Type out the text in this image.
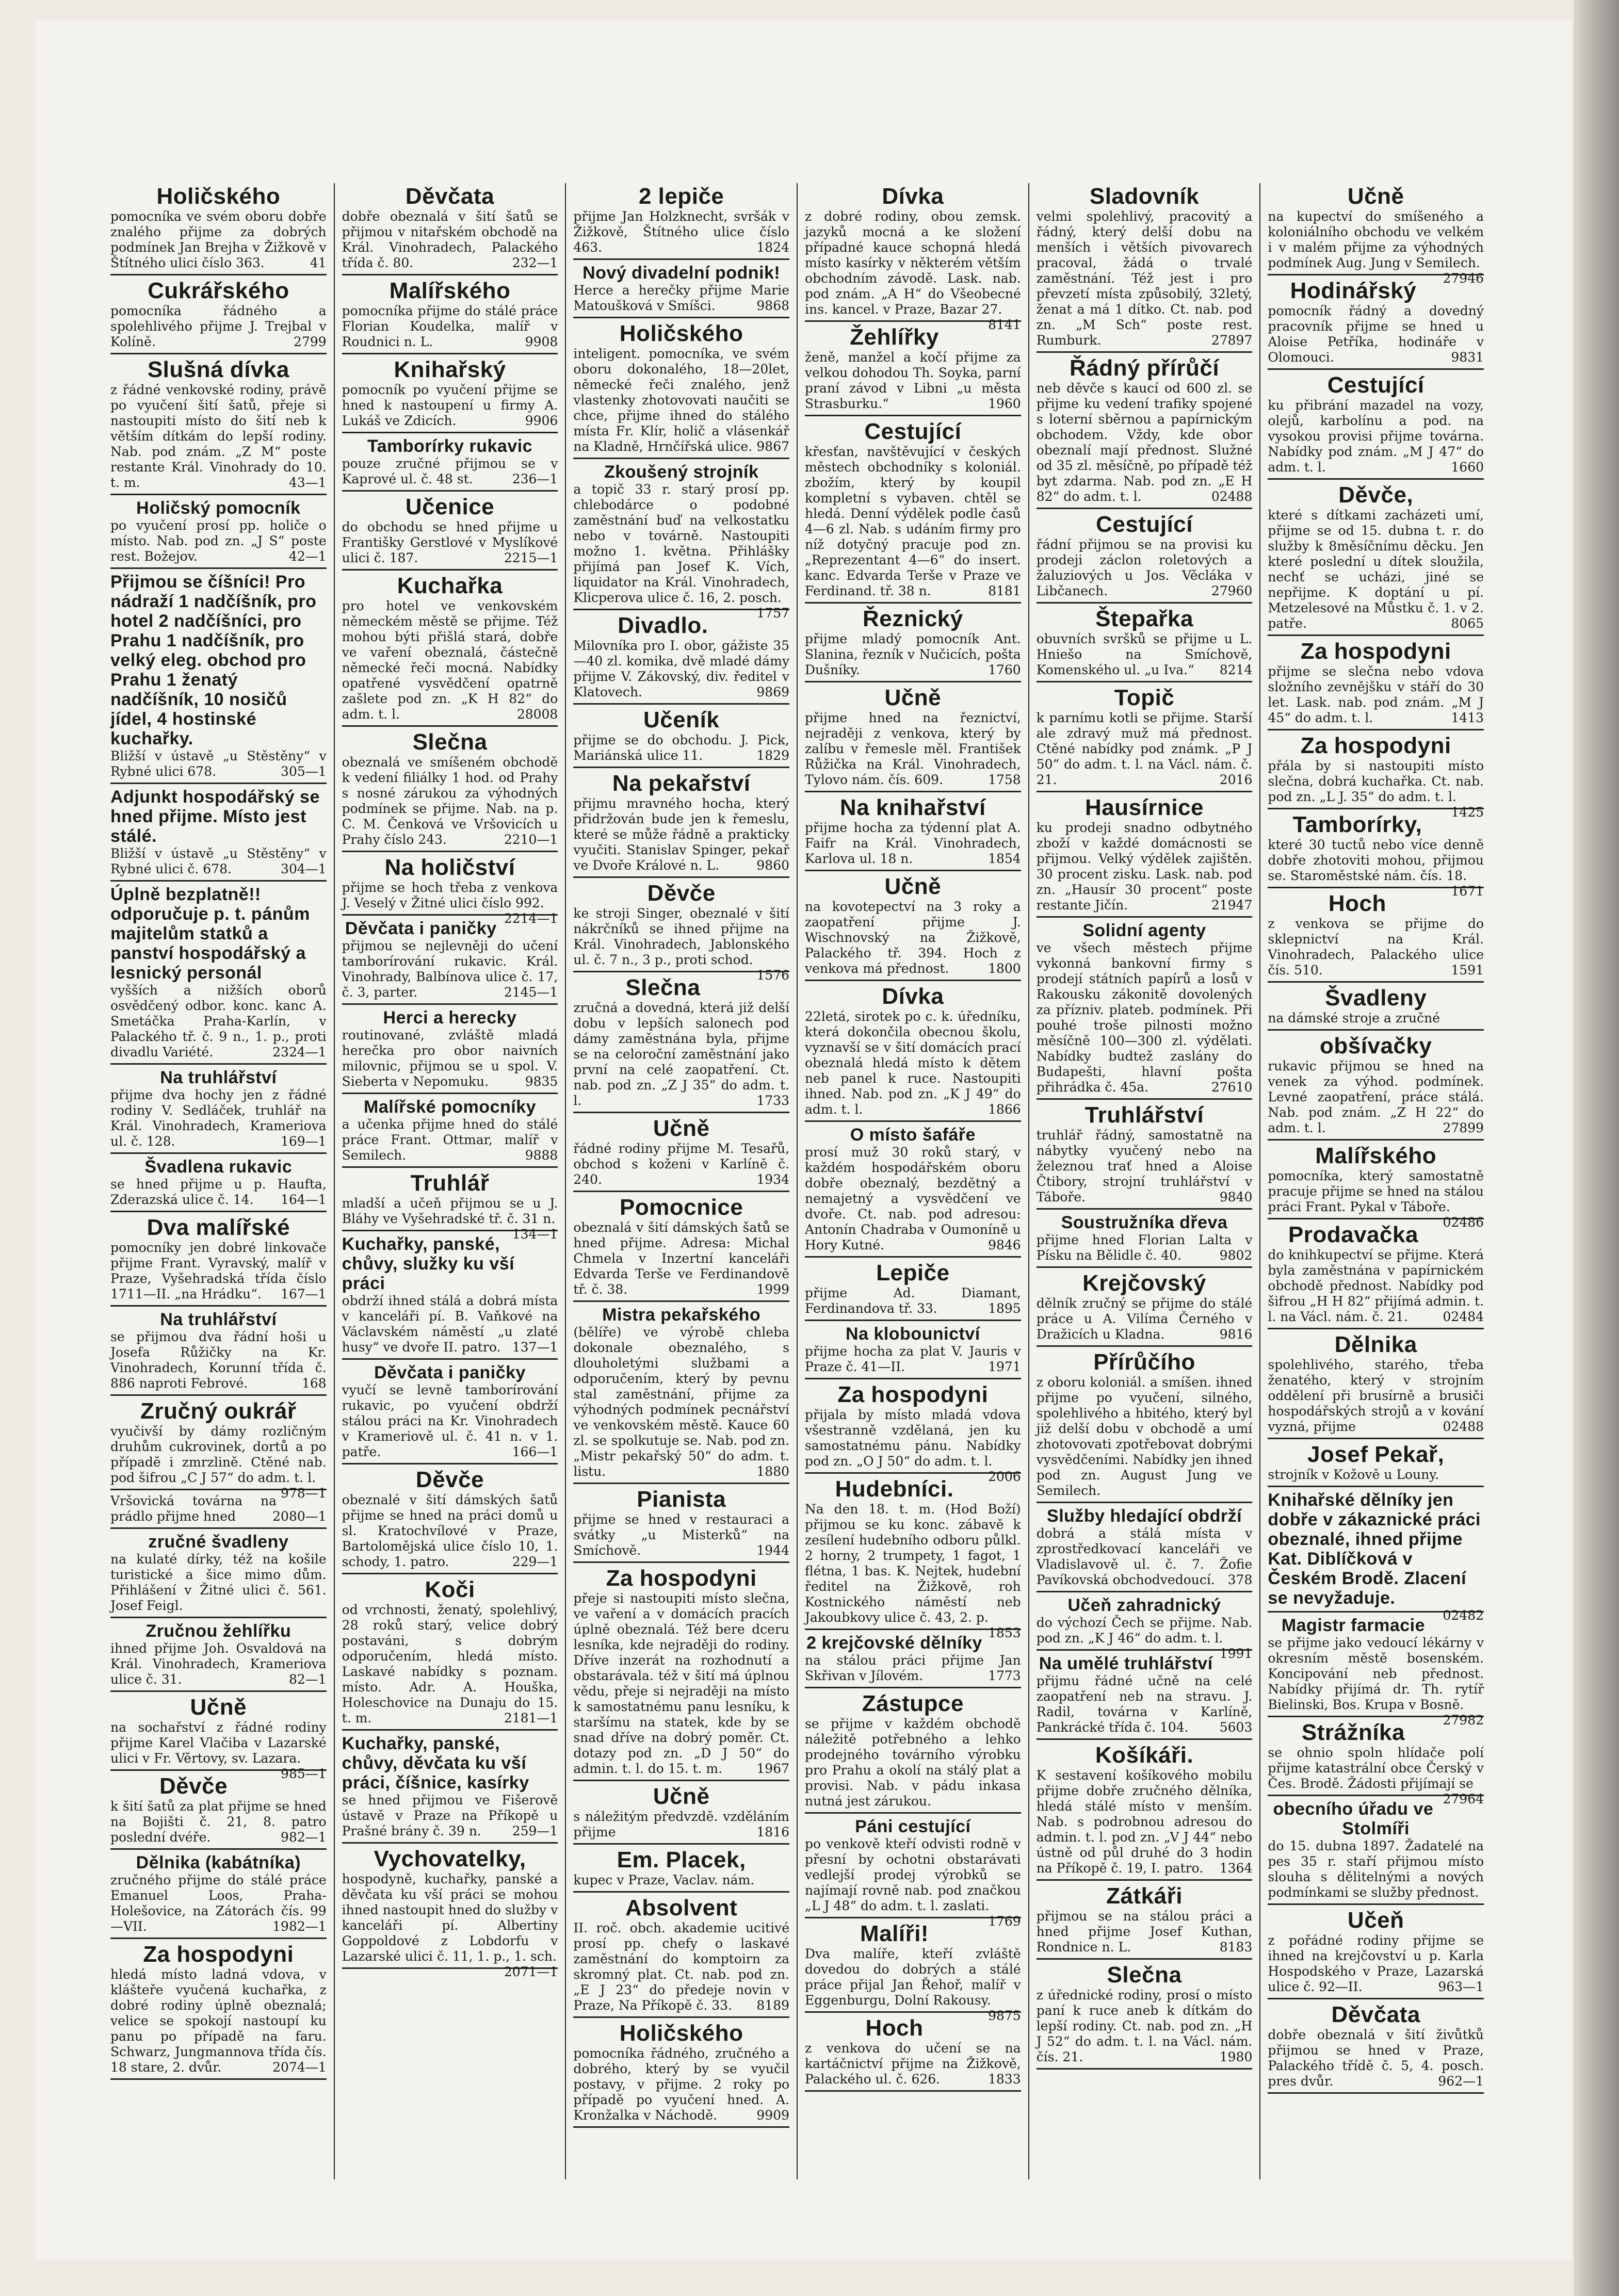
Holičského
pomocníka ve svém oboru dobře znalého přijme za dobrých podmínek Jan Brejha v Žižkově v Štítného ulici číslo 363.	41
Cukrářského
pomocníka řádného a spolehlivého přijme J. Trejbal v Kolíně.	2799
Slušná dívka
z řádné venkovské rodiny, právě po vyučení šití šatů, přeje si nastoupiti místo do šití neb k větším dítkám do lepší rodiny. Nab. pod znám. „Z M“ poste restante Král. Vinohrady do 10. t. m.	43—1
Holičský pomocník
po vyučení prosí pp. holiče o místo. Nab. pod zn. „J S“ poste rest. Božejov.	42—1
Přijmou se číšníci! Pro nádraží 1 nadčíšník, pro hotel 2 nadčíšníci, pro Prahu 1 nadčíšník, pro velký eleg. obchod pro Prahu 1 ženatý nadčíšník, 10 nosičů jídel, 4 hostinské kuchařky.
Bližší v ústavě „u Stěstěny“ v Rybné ulici 678.	305—1
Adjunkt hospodářský se hned přijme. Místo jest stálé.
Bližší v ústavě „u Stěstěny“ v Rybné ulici č. 678.	304—1
Úplně bezplatně!! odporučuje p. t. pánům majitelům statků a panství hospodářský a lesnický personál
vyšších a nižších oborů osvědčený odbor. konc. kanc A. Smetáčka Praha-Karlín, v Palackého tř. č. 9 n., 1. p., proti divadlu Variété.	2324—1
Na truhlářství
přijme dva hochy jen z řádné rodiny V. Sedláček, truhlář na Král. Vinohradech, Krameriova ul. č. 128.	169—1
Švadlena rukavic
se hned přijme u p. Haufta, Zderazská ulice č. 14.	164—1
Dva malířské
pomocníky jen dobré linkovače přijme Frant. Vyravský, malíř v Praze, Vyšehradská třída číslo 1711—II. „na Hrádku“.	167—1
Na truhlářství
se přijmou dva řádní hoši u Josefa Růžičky na Kr. Vinohradech, Korunní třída č. 886 naproti Febrové.	168
Zručný oukrář
vyučivší by dámy rozličným druhům cukrovinek, dortů a po případě i zmrzlině. Ctěné nab. pod šifrou „C J 57“ do adm. t. l.
978—1
Vršovická továrna na prádlo přijme hned	2080—1
zručné švadleny
na kulaté dírky, též na košile turistické a šice mimo dům. Přihlášení v Žitné ulici č. 561. Josef Feigl.
Zručnou žehlířku
ihned přijme Joh. Osvaldová na Král. Vinohradech, Krameriova ulice č. 31.	82—1
Učně
na sochařství z řádné rodiny přijme Karel Vlačiba v Lazarské ulici v Fr. Věrtovy, sv. Lazara.
985—1
Děvče
k šití šatů za plat přijme se hned na Bojišti č. 21, 8. patro poslední dvéře.	982—1
Dělnika (kabátníka)
zručného přijme do stálé práce Emanuel Loos, Praha-Holešovice, na Zátorách čís. 99—VII.	1982—1
Za hospodyni
hledá místo ladná vdova, v klášteře vyučená kuchařka, z dobré rodiny úplně obeznalá; velice se spokojí nastoupí ku panu po případě na faru. Schwarz, Jungmannova třída čís. 18 stare, 2. dvůr.	2074—1
Děvčata
dobře obeznalá v šití šatů se přijmou v nitařském obchodě na Král. Vinohradech, Palackého třída č. 80.	232—1
Malířského
pomocníka přijme do stálé práce Florian Koudelka, malíř v Roudnici n. L.	9908
Knihařský
pomocník po vyučení přijme se hned k nastoupení u firmy A. Lukáš ve Zdicích.	9906
Tamborírky rukavic
pouze zručné přijmou se v Kaprové ul. č. 48 st.	236—1
Učenice
do obchodu se hned přijme u Františky Gerstlové v Myslíkové ulici č. 187.	2215—1
Kuchařka
pro hotel ve venkovském německém městě se přijme. Též mohou býti přišlá stará, dobře ve vaření obeznalá, částečně německé řeči mocná. Nabídky opatřené vysvědčení opatrně zašlete pod zn. „K H 82“ do adm. t. l.	28008
Slečna
obeznalá ve smíšeném obchodě k vedení filiálky 1 hod. od Prahy s nosné zárukou za výhodných podmínek se přijme. Nab. na p. C. M. Čenková ve Vršovicích u Prahy číslo 243.	2210—1
Na holičství
přijme se hoch třeba z venkova J. Veselý v Žitné ulici číslo 992.
2214—1
Děvčata i paničky
přijmou se nejlevněji do učení tamborírování rukavic. Král. Vinohrady, Balbínova ulice č. 17, č. 3, parter.	2145—1
Herci a herecky
routinované, zvláště mladá herečka pro obor naivních milovnic, přijmou se u spol. V. Sieberta v Nepomuku.	9835
Malířské pomocníky
a učenka přijme hned do stálé práce Frant. Ottmar, malíř v Semilech.	9888
Truhlář
mladší a učeň přijmou se u J. Bláhy ve Vyšehradské tř. č. 31 n.
134—1
Kuchařky, panské, chůvy, služky ku vší práci
obdrží ihned stálá a dobrá místa v kanceláři pí. B. Vaňkové na Václavském náměstí „u zlaté husy“ ve dvoře II. patro. 137—1
Děvčata i paničky
vyučí se levně tamborírování rukavic, po vyučení obdrží stálou práci na Kr. Vinohradech v Krameriově ul. č. 41 n. v 1. patře.	166—1
Děvče
obeznalé v šití dámských šatů přijme se hned na práci domů u sl. Kratochvílové v Praze, Bartolomějská ulice číslo 10, 1. schody, 1. patro.	229—1
Koči
od vrchnosti, ženatý, spolehlivý, 28 roků starý, velice dobrý postaváni, s dobrým odporučením, hledá místo. Laskavé nabídky s poznam. místo. Adr. A. Houška, Holeschovice na Dunaju do 15. t. m.	2181—1
Kuchařky, panské, chůvy, děvčata ku vší práci, číšnice, kasírky
se hned přijmou ve Fišerově ústavě v Praze na Příkopě u Prašné brány č. 39 n.	259—1
Vychovatelky,
hospodyně, kuchařky, panské a děvčata ku vší práci se mohou ihned nastoupit hned do služby v kanceláři pí. Albertiny Goppoldové z Lobdorfu v Lazarské ulici č. 11, 1. p., 1. sch.
2071—1
2 lepiče
přijme Jan Holzknecht, svršák v Žižkově, Štítného ulice číslo 463.	1824
Nový divadelní podnik!
Herce a herečky přijme Marie Matoušková v Smíšci.	9868
Holičského
inteligent. pomocníka, ve svém oboru dokonalého, 18—20let, německé řeči znalého, jenž vlastenky zhotovovati naučiti se chce, přijme ihned do stálého místa Fr. Klír, holič a vlásenkář na Kladně, Hrnčířská ulice. 9867
Zkoušený strojník
a topič 33 r. starý prosí pp. chlebodárce o podobné zaměstnání buď na velkostatku nebo v továrně. Nastoupiti možno 1. května. Přihlášky přijímá pan Josef K. Vích, liquidator na Král. Vinohradech, Klicperova ulice č. 16, 2. posch.
1757
Divadlo.
Milovníka pro I. obor, gážiste 35—40 zl. komika, dvě mladé dámy přijme V. Zákovský, div. ředitel v Klatovech.	9869
Učeník
přijme se do obchodu. J. Pick, Mariánská ulice 11.	1829
Na pekařství
přijmu mravného hocha, který přidržován bude jen k řemeslu, které se může řádně a prakticky vyučiti. Stanislav Spinger, pekař ve Dvoře Králové n. L.	9860
Děvče
ke stroji Singer, obeznalé v šití nákrčníků se ihned přijme na Král. Vinohradech, Jablonského ul. č. 7 n., 3 p., proti schod.
1576
Slečna
zručná a dovedná, která již delší dobu v lepších salonech pod dámy zaměstnána byla, přijme se na celoroční zaměstnání jako první na celé zaopatření. Ct. nab. pod zn. „Z J 35“ do adm. t. l.	1733
Učně
řádné rodiny přijme M. Tesařů, obchod s koženi v Karlíně č. 240.	1934
Pomocnice
obeznalá v šití dámských šatů se hned přijme. Adresa: Michal Chmela v Inzertní kanceláři Edvarda Terše ve Ferdinandově tř. č. 38.	1999
Mistra pekařského
(bělíře) ve výrobě chleba dokonale obeznalého, s dlouholetými službami a odporučením, který by pevnu stal zaměstnání, přijme za výhodných podmínek pecnářství ve venkovském městě. Kauce 60 zl. se spolkutuje se. Nab. pod zn. „Mistr pekařský 50“ do adm. t. listu.	1880
Pianista
přijme se hned v restauraci a svátky „u Misterků“ na Smíchově.	1944
Za hospodyni
přeje si nastoupiti místo slečna, ve vaření a v domácích pracích úplně obeznalá. Též bere dceru lesníka, kde nejraději do rodiny. Dříve inzerát na rozhodnutí a obstarávala. též v šití má úplnou vědu, přeje si nejraději na místo k samostatnému panu lesníku, k staršímu na statek, kde by se snad dříve na dobrý poměr. Ct. dotazy pod zn. „D J 50“ do admin. t. l. do 15. t. m.	1967
Učně
s náležitým předvzdě. vzděláním přijme	1816
Em. Placek,
kupec v Praze, Vaclav. nám.
Absolvent
II. roč. obch. akademie ucitivé prosí pp. chefy o laskavé zaměstnání do komptoirn za skromný plat. Ct. nab. pod zn. „E J 23“ do předeje novin v Praze, Na Příkopě č. 33.	8189
Holičského
pomocníka řádného, zručného a dobrého, který by se vyučil postavy, v přijme. 2 roky po případě po vyučení hned. A. Kronžalka v Náchodě.	9909
Dívka
z dobré rodiny, obou zemsk. jazyků mocná a ke složení případné kauce schopná hledá místo kasírky v některém větším obchodním závodě. Lask. nab. pod znám. „A H“ do Všeobecné ins. kancel. v Praze, Bazar 27.
8141
Žehlířky
ženě, manžel a kočí přijme za velkou dohodou Th. Soyka, parní praní závod v Libni „u města Strasburku.“	1960
Cestující
křesťan, navštěvující v českých městech obchodníky s koloniál. zbožím, který by koupil kompletní s vybaven. chtěl se hledá. Denní výdělek podle časů 4—6 zl. Nab. s udáním firmy pro níž dotyčný pracuje pod zn. „Reprezentant 4—6“ do insert. kanc. Edvarda Terše v Praze ve Ferdinand. tř. 38 n.	8181
Řeznický
přijme mladý pomocník Ant. Slanina, řezník v Nučicích, pošta Dušníky.	1760
Učně
přijme hned na řeznictví, nejraději z venkova, který by zalíbu v řemesle měl. František Růžička na Král. Vinohradech, Tylovo nám. čís. 609.	1758
Na knihařství
přijme hocha za týdenní plat A. Faifr na Král. Vinohradech, Karlova ul. 18 n.	1854
Učně
na kovotepectví na 3 roky a zaopatření přijme J. Wischnovský na Žižkově, Palackého tř. 394. Hoch z venkova má přednost.	1800
Dívka
22letá, sirotek po c. k. úředníku, která dokončila obecnou školu, vyznavší se v šití domácích prací obeznalá hledá místo k dětem neb panel k ruce. Nastoupiti ihned. Nab. pod zn. „K J 49“ do adm. t. l.	1866
O místo šafáře
prosí muž 30 roků starý, v každém hospodářském oboru dobře obeznalý, bezdětný a nemajetný a vysvědčení ve dvoře. Ct. nab. pod adresou: Antonín Chadraba v Oumoníně u Hory Kutné.	9846
Lepiče
přijme Ad. Diamant, Ferdinandova tř. 33.	1895
Na klobounictví
přijme hocha za plat V. Jauris v Praze č. 41—II.	1971
Za hospodyni
přijala by místo mladá vdova všestranně vzdělaná, jen ku samostatnému pánu. Nabídky pod zn. „O J 50“ do adm. t. l.
2006
Hudebníci.
Na den 18. t. m. (Hod Boží) přijmou se ku konc. zábavě k zesílení hudebního odboru půlkl. 2 horny, 2 trumpety, 1 fagot, 1 flétna, 1 bas. K. Nejtek, hudební ředitel na Žižkově, roh Kostnického náměstí neb Jakoubkovy ulice č. 43, 2. p.
1853
2 krejčovské dělníky
na stálou práci přijme Jan Skřivan v Jílovém.	1773
Zástupce
se přijme v každém obchodě náležitě potřebného a lehko prodejného továrního výrobku pro Prahu a okolí na stálý plat a provisi. Nab. v pádu inkasa nutná jest zárukou.
Páni cestující
po venkově kteří odvisti rodně v přesní by ochotni obstarávati vedlejší prodej výrobků se najímají rovně nab. pod značkou „L J 48“ do adm. t. l. zaslati.
1769
Malíři!
Dva malíře, kteří zvláště dovedou do dobrých a stálé práce přijal Jan Řehoř, malíř v Eggenburgu, Dolní Rakousy.
9875
Hoch
z venkova do učení se na kartáčnictví přijme na Žižkově, Palackého ul. č. 626.	1833
Sladovník
velmi spolehlivý, pracovitý a řádný, který delší dobu na menších i větších pivovarech pracoval, žádá o trvalé zaměstnání. Též jest i pro převzetí místa způsobilý, 32letý, ženat a má 1 dítko. Ct. nab. pod zn. „M Sch“ poste rest. Rumburk.	27897
Řádný přírůčí
neb děvče s kaucí od 600 zl. se přijme ku vedení trafiky spojené s loterní sběrnou a papírnickým obchodem. Vždy, kde obor obeznalí mají přednost. Služné od 35 zl. měsíčně, po případě též byt zdarma. Nab. pod zn. „E H 82“ do adm. t. l.	02488
Cestující
řádní přijmou se na provisi ku prodeji záclon roletových a žaluziových u Jos. Věcláka v Libčanech.	27960
Štepařka
obuvních svršků se přijme u L. Hniešo na Smíchově, Komenského ul. „u Iva.“	8214
Topič
k parnímu kotli se přijme. Starší ale zdravý muž má přednost. Ctěné nabídky pod známk. „P J 50“ do adm. t. l. na Václ. nám. č. 21.	2016
Hausírnice
ku prodeji snadno odbytného zboží v každé domácnosti se přijmou. Velký výdělek zajištěn. 30 procent zisku. Lask. nab. pod zn. „Hausír 30 procent“ poste restante Jičín.	21947
Solidní agenty
ve všech městech přijme vykonná bankovní firmy s prodejí státních papírů a losů v Rakousku zákonitě dovolených za přízniv. plateb. podmínek. Při pouhé troše pilnosti možno měsíčně 100—300 zl. výdělati. Nabídky budtež zaslány do Budapešti, hlavní pošta přihrádka č. 45a.	27610
Truhlářství
truhlář řádný, samostatně na nábytky vyučený nebo na železnou trať hned a Aloise Čtibory, strojní truhlářství v Táboře.	9840
Soustružníka dřeva
přijme hned Florian Lalta v Písku na Bělidle č. 40.	9802
Krejčovský
dělník zručný se přijme do stálé práce u A. Vilíma Černého v Dražicích u Kladna.	9816
Přírůčího
z oboru koloniál. a smíšen. ihned přijme po vyučení, silného, spolehlivého a hbitého, který byl již delší dobu v obchodě a umí zhotovovati zpotřebovat dobrými vysvědčeními. Nabídky jen ihned pod zn. August Jung ve Semilech.
Služby hledající obdrží
dobrá a stálá místa v zprostředkovací kanceláři ve Vladislavově ul. č. 7. Žofie Pavíkovská obchodvedoucí. 378
Učeň zahradnický
do výchozí Čech se přijme. Nab. pod zn. „K J 46“ do adm. t. l.
1991
Na umělé truhlářství
přijmu řádné učně na celé zaopatření neb na stravu. J. Radil, továrna v Karlíně, Pankrácké třída č. 104.	5603
Košíkáři.
K sestavení košíkového mobilu přijme dobře zručného dělníka, hledá stálé místo v menším. Nab. s podrobnou adresou do admin. t. l. pod zn. „V J 44“ nebo ústně od půl druhé do 3 hodin na Příkopě č. 19, I. patro.	1364
Zátkáři
přijmou se na stálou práci a hned přijme Josef Kuthan, Rondnice n. L.	8183
Slečna
z úřednické rodiny, prosí o místo paní k ruce aneb k dítkám do lepší rodiny. Ct. nab. pod zn. „H J 52“ do adm. t. l. na Václ. nám. čís. 21.	1980
Učně
na kupectví do smíšeného a koloniálního obchodu ve velkém i v malém přijme za výhodných podmínek Aug. Jung v Semilech.
27946
Hodinářský
pomocník řádný a dovedný pracovník přijme se hned u Aloise Petříka, hodináře v Olomouci.	9831
Cestující
ku přibrání mazadel na vozy, olejů, karbolínu a pod. na vysokou provisi přijme továrna. Nabídky pod znám. „M J 47“ do adm. t. l.	1660
Děvče,
které s dítkami zacházeti umí, přijme se od 15. dubna t. r. do služby k 8měsíčnímu děcku. Jen které poslední u dítek sloužila, nechť se ucházi, jiné se nepřijme. K doptání u pí. Metzelesové na Můstku č. 1. v 2. patře.	8065
Za hospodyni
přijme se slečna nebo vdova složního zevnějšku v stáří do 30 let. Lask. nab. pod znám. „M J 45“ do adm. t. l.	1413
Za hospodyni
přála by si nastoupiti místo slečna, dobrá kuchařka. Ct. nab. pod zn. „L J. 35“ do adm. t. l.
1425
Tamborírky,
které 30 tuctů nebo více denně dobře zhotoviti mohou, přijmou se. Staroměstské nám. čís. 18.
1671
Hoch
z venkova se přijme do sklepnictví na Král. Vinohradech, Palackého ulice čís. 510.	1591
Švadleny
na dámské stroje a zručné
obšívačky
rukavic přijmou se hned na venek za výhod. podmínek. Levné zaopatření, práce stálá. Nab. pod znám. „Z H 22“ do adm. t. l.	27899
Malířského
pomocníka, který samostatně pracuje přijme se hned na stálou práci Frant. Pykal v Táboře.
02486
Prodavačka
do knihkupectví se přijme. Která byla zaměstnána v papírnickém obchodě přednost. Nabídky pod šifrou „H H 82“ přijímá admin. t. l. na Václ. nám. č. 21.	02484
Dělnika
spolehlivého, starého, třeba ženatého, který v strojním oddělení při brusírně a brusiči hospodářských strojů a v kování vyzná, přijme	02488
Josef Pekař,
strojník v Kožově u Louny.
Knihařské dělníky jen dobře v zákaznické práci obeznalé, ihned přijme Kat. Diblíčková v Českém Brodě. Zlacení se nevyžaduje.
02482
Magistr farmacie
se přijme jako vedoucí lékárny v okresním městě bosenském. Koncipování neb přednost. Nabídky přijímá dr. Th. rytíř Bielinski, Bos. Krupa v Bosně.
27982
Strážníka
se ohnio spoln hlídače polí přijme katastrální obce Čerský v Čes. Brodě. Žádosti přijímají se
27964
obecního úřadu ve Stolmíři
do 15. dubna 1897. Žadatelé na pes 35 r. staří přijmou místo slouha s dělitelnými a nových podmínkami se služby přednost.
Učeň
z pořádné rodiny přijme se ihned na krejčovství u p. Karla Hospodského v Praze, Lazarská ulice č. 92—II.	963—1
Děvčata
dobře obeznalá v šití živůtků přijmou se hned v Praze, Palackého třídě č. 5, 4. posch. pres dvůr.	962—1
